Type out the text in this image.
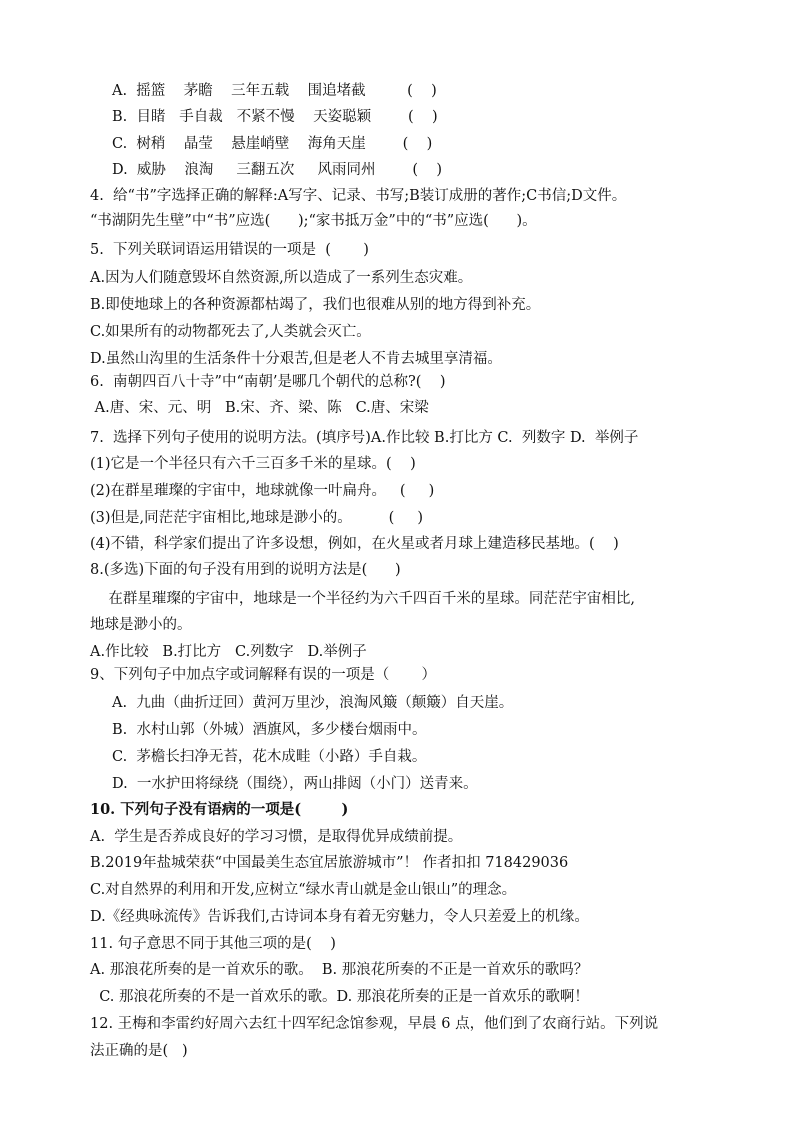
A.  摇篮    茅瞻    三年五载    围追堵截         (    )
B.  目睹   手自裁   不紧不慢    天姿聪颖        (    )
C.  树稍    晶莹    悬崖峭壁    海角天崖        (    )
D.  威胁    浪淘     三翻五次     风雨同州        (    )
4.  给“书”字选择正确的解释:A写字、记录、书写;B装订成册的著作;C书信;D文件。
“书湖阴先生壁”中“书”应选(      );“家书抵万金”中的“书”应选(      )。
5.  下列关联词语运用错误的一项是  (       )
A.因为人们随意毁坏自然资源,所以造成了一系列生态灾难。
B.即使地球上的各种资源都枯竭了，我们也很难从别的地方得到补充。
C.如果所有的动物都死去了,人类就会灭亡。
D.虽然山沟里的生活条件十分艰苦,但是老人不肯去城里享清福。
6.  南朝四百八十寺”中“南朝’是哪几个朝代的总称?(    )
A.唐、宋、元、明   B.宋、齐、梁、陈   C.唐、宋梁
7.  选择下列句子使用的说明方法。(填序号)A.作比较 B.打比方 C.  列数字 D.  举例子
(1)它是一个半径只有六千三百多千米的星球。(    )
(2)在群星璀璨的宇宙中，地球就像一叶扁舟。   (     )
(3)但是,同茫茫宇宙相比,地球是渺小的。        (     )
(4)不错，科学家们提出了许多设想，例如，在火星或者月球上建造移民基地。(    )
8.(多选)下面的句子没有用到的说明方法是(      )
在群星璀璨的宇宙中，地球是一个半径约为六千四百千米的星球。同茫茫宇宙相比,
地球是渺小的。
A.作比较   B.打比方   C.列数字   D.举例子
9、下列句子中加点字或词解释有误的一项是（       ）
A.  九曲（曲折迂回）黄河万里沙，浪淘风簸（颠簸）自天崖。
B.  水村山郭（外城）酒旗风，多少楼台烟雨中。
C.  茅檐长扫净无苔，花木成畦（小路）手自栽。
D.  一水护田将绿绕（围绕），两山排闼（小门）送青来。
10. 下列句子没有语病的一项是(        )
A.  学生是否养成良好的学习习惯，是取得优异成绩前提。
B.2019年盐城荣获“中国最美生态宜居旅游城市”！ 作者扣扣 718429036
C.对自然界的利用和开发,应树立“绿水青山就是金山银山”的理念。
D.《经典咏流传》告诉我们,古诗词本身有着无穷魅力，令人只差爱上的机缘。
11. 句子意思不同于其他三项的是(    )
A. 那浪花所奏的是一首欢乐的歌。  B. 那浪花所奏的不正是一首欢乐的歌吗？
C. 那浪花所奏的不是一首欢乐的歌。D. 那浪花所奏的正是一首欢乐的歌啊！
12. 王梅和李雷约好周六去红十四军纪念馆参观，早晨 6 点，他们到了农商行站。下列说
法正确的是(   )
